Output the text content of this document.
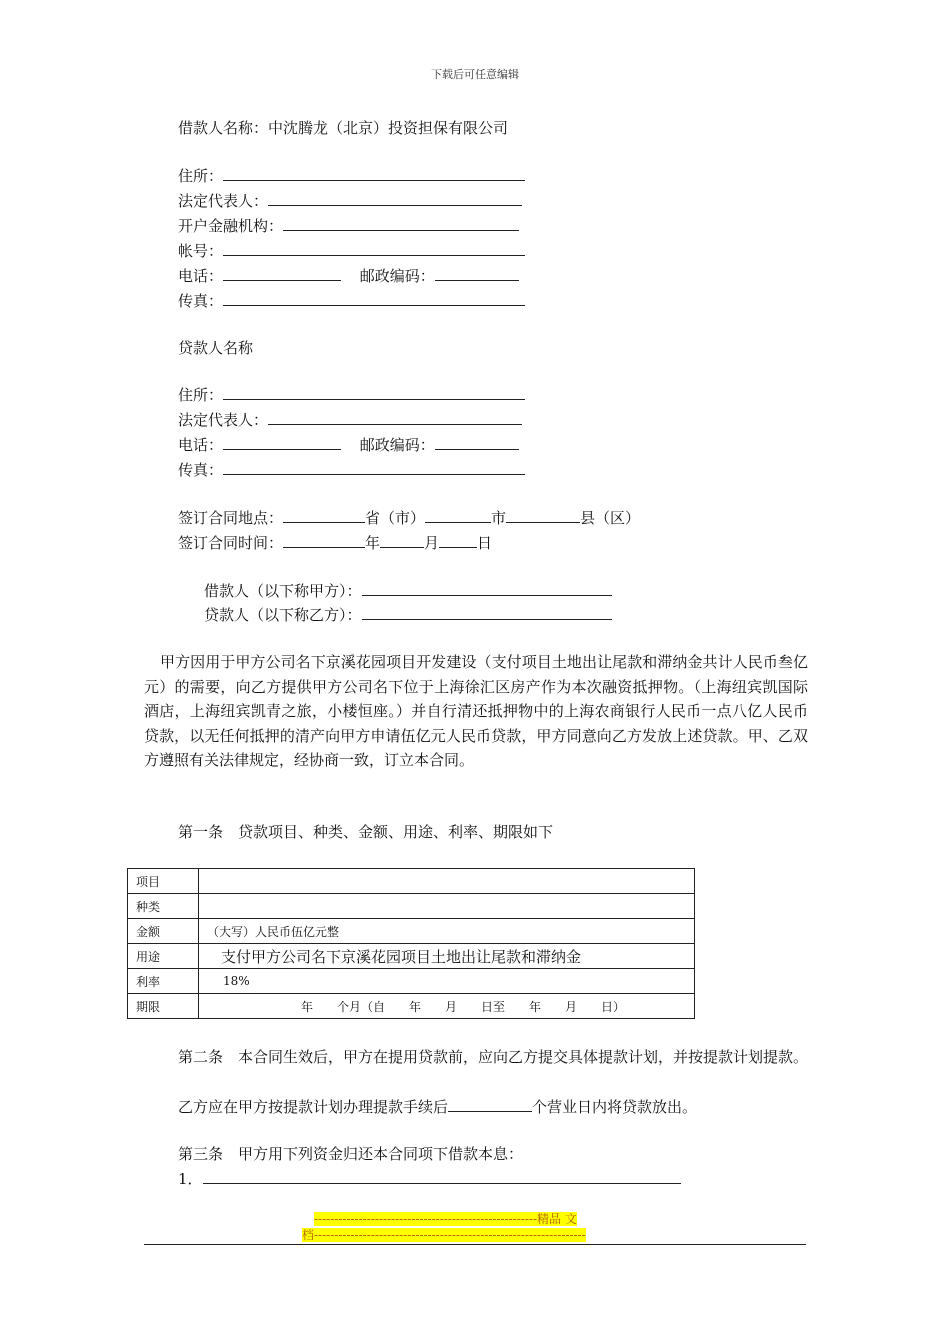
下载后可任意编辑
借款人名称：中沈腾龙（北京）投资担保有限公司
住所：
法定代表人：
开户金融机构：
帐号：
电话：	邮政编码：
传真：
贷款人名称
住所：
法定代表人：
电话：	邮政编码：
传真：
签订合同地点：	省（市）	市	县（区）
签订合同时间：	年	月	日
借款人（以下称甲方）：
贷款人（以下称乙方）：
甲方因用于甲方公司名下京溪花园项目开发建设（支付项目土地出让尾款和滞纳金共计人民币叁亿元）的需要，向乙方提供甲方公司名下位于上海徐汇区房产作为本次融资抵押物。（上海纽宾凯国际酒店，上海纽宾凯青之旅，小楼恒座。）并自行清还抵押物中的上海农商银行人民币一点八亿人民币贷款，以无任何抵押的清产向甲方申请伍亿元人民币贷款，甲方同意向乙方发放上述贷款。甲、乙双方遵照有关法律规定，经协商一致，订立本合同。
第一条　贷款项目、种类、金额、用途、利率、期限如下
项目	
种类	
金额	（大写）人民币伍亿元整
用途	支付甲方公司名下京溪花园项目土地出让尾款和滞纳金
利率	18%
期限	年　　个月（自　　年　　月　　日至　　年　　月　　日）
第二条　本合同生效后，甲方在提用贷款前，应向乙方提交具体提款计划，并按提款计划提款。
乙方应在甲方按提款计划办理提款手续后	个营业日内将贷款放出。
第三条　甲方用下列资金归还本合同项下借款本息：
1．
-------------------------------------------------------精品 文
档-------------------------------------------------------------------
